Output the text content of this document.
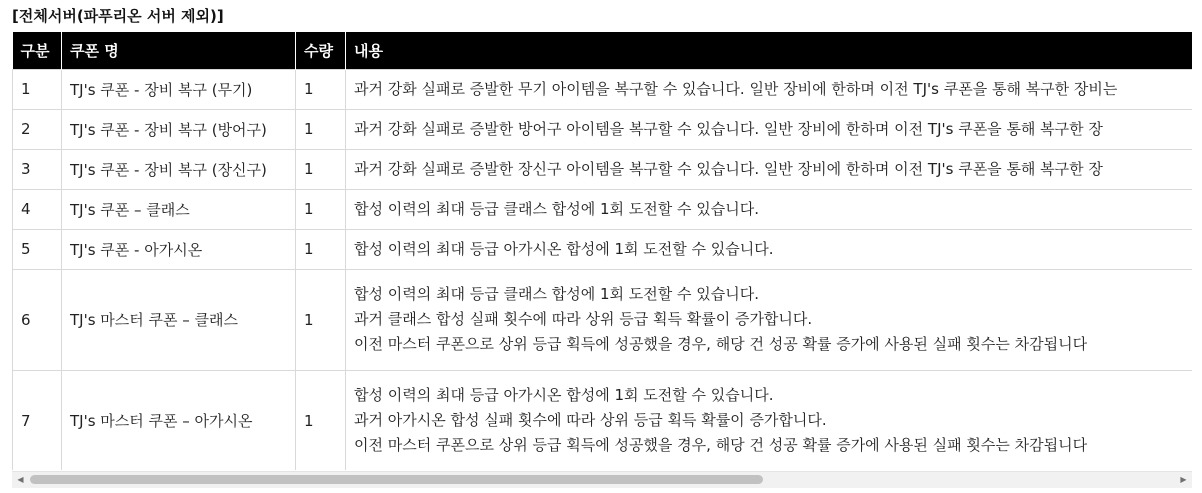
[전체서버(파푸리온 서버 제외)]
구분	쿠폰 명	수량	내용
1	TJ's 쿠폰 - 장비 복구 (무기)	1	과거 강화 실패로 증발한 무기 아이템을 복구할 수 있습니다. 일반 장비에 한하며 이전 TJ's 쿠폰을 통해 복구한 장비는

2	TJ's 쿠폰 - 장비 복구 (방어구)	1	과거 강화 실패로 증발한 방어구 아이템을 복구할 수 있습니다. 일반 장비에 한하며 이전 TJ's 쿠폰을 통해 복구한 장

3	TJ's 쿠폰 - 장비 복구 (장신구)	1	과거 강화 실패로 증발한 장신구 아이템을 복구할 수 있습니다. 일반 장비에 한하며 이전 TJ's 쿠폰을 통해 복구한 장

4	TJ's 쿠폰 – 클래스	1	합성 이력의 최대 등급 클래스 합성에 1회 도전할 수 있습니다.

5	TJ's 쿠폰 - 아가시온	1	합성 이력의 최대 등급 아가시온 합성에 1회 도전할 수 있습니다.

6	TJ's 마스터 쿠폰 – 클래스	1	합성 이력의 최대 등급 클래스 합성에 1회 도전할 수 있습니다.
과거 클래스 합성 실패 횟수에 따라 상위 등급 획득 확률이 증가합니다.
이전 마스터 쿠폰으로 상위 등급 획득에 성공했을 경우, 해당 건 성공 확률 증가에 사용된 실패 횟수는 차감됩니다

7	TJ's 마스터 쿠폰 – 아가시온	1	합성 이력의 최대 등급 아가시온 합성에 1회 도전할 수 있습니다.
과거 아가시온 합성 실패 횟수에 따라 상위 등급 획득 확률이 증가합니다.
이전 마스터 쿠폰으로 상위 등급 획득에 성공했을 경우, 해당 건 성공 확률 증가에 사용된 실패 횟수는 차감됩니다
◀	▶
